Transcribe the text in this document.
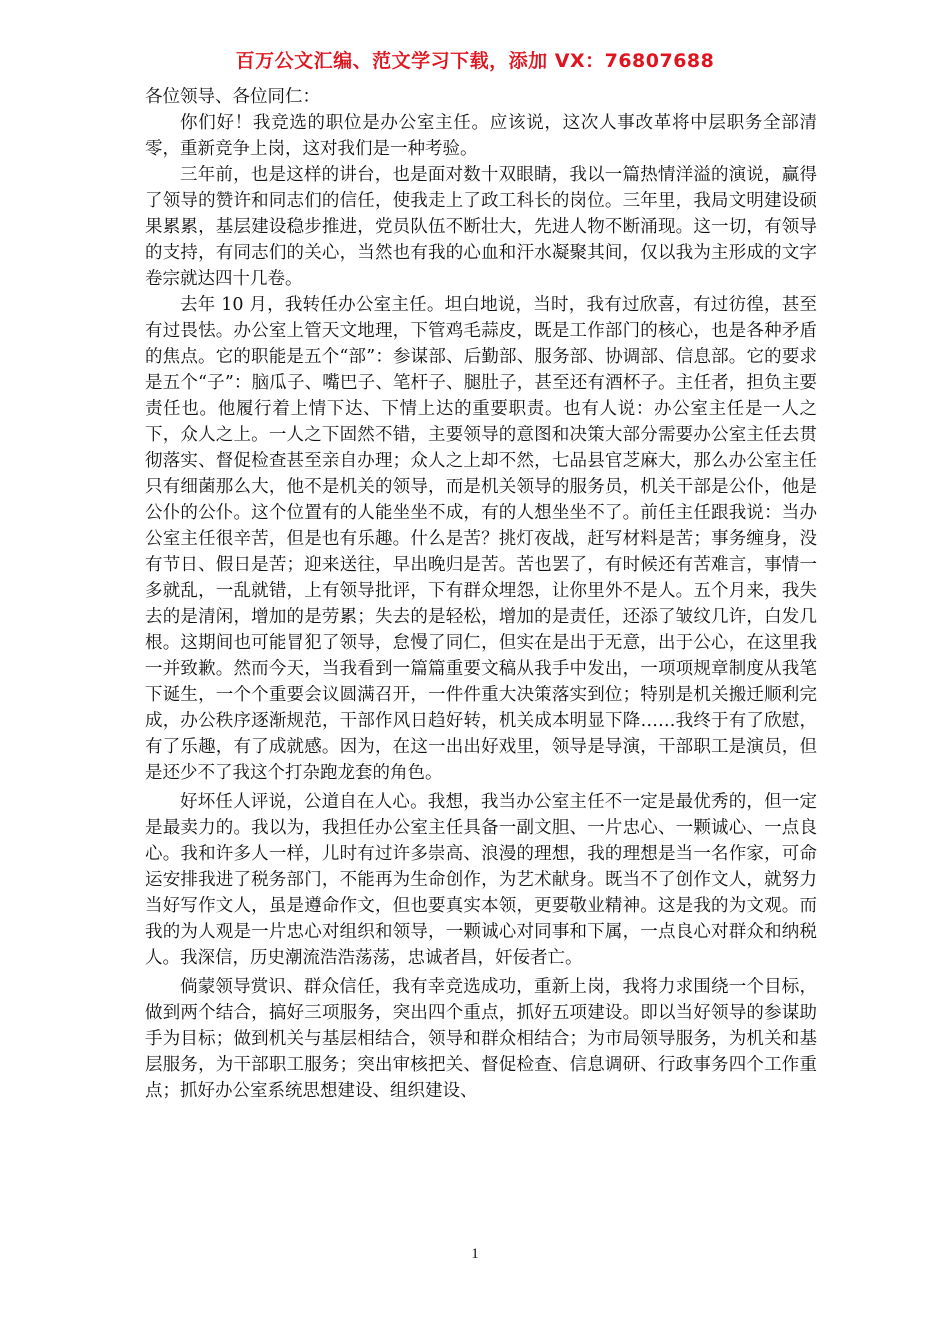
百万公文汇编、范文学习下载，添加 VX：76807688

各位领导、各位同仁：

你们好！我竞选的职位是办公室主任。应该说，这次人事改革将中层职务全部清零，重新竞争上岗，这对我们是一种考验。

三年前，也是这样的讲台，也是面对数十双眼睛，我以一篇热情洋溢的演说，赢得了领导的赞许和同志们的信任，使我走上了政工科长的岗位。三年里，我局文明建设硕果累累，基层建设稳步推进，党员队伍不断壮大，先进人物不断涌现。这一切，有领导的支持，有同志们的关心，当然也有我的心血和汗水凝聚其间，仅以我为主形成的文字卷宗就达四十几卷。

去年 10 月，我转任办公室主任。坦白地说，当时，我有过欣喜，有过彷徨，甚至有过畏怯。办公室上管天文地理，下管鸡毛蒜皮，既是工作部门的核心，也是各种矛盾的焦点。它的职能是五个“部”：参谋部、后勤部、服务部、协调部、信息部。它的要求是五个“子”：脑瓜子、嘴巴子、笔杆子、腿肚子，甚至还有酒杯子。主任者，担负主要责任也。他履行着上情下达、下情上达的重要职责。也有人说：办公室主任是一人之下，众人之上。一人之下固然不错，主要领导的意图和决策大部分需要办公室主任去贯彻落实、督促检查甚至亲自办理；众人之上却不然，七品县官芝麻大，那么办公室主任只有细菌那么大，他不是机关的领导，而是机关领导的服务员，机关干部是公仆，他是公仆的公仆。这个位置有的人能坐坐不成，有的人想坐坐不了。前任主任跟我说：当办公室主任很辛苦，但是也有乐趣。什么是苦？挑灯夜战，赶写材料是苦；事务缠身，没有节日、假日是苦；迎来送往，早出晚归是苦。苦也罢了，有时候还有苦难言，事情一多就乱，一乱就错，上有领导批评，下有群众埋怨，让你里外不是人。五个月来，我失去的是清闲，增加的是劳累；失去的是轻松，增加的是责任，还添了皱纹几许，白发几根。这期间也可能冒犯了领导，怠慢了同仁，但实在是出于无意，出于公心，在这里我一并致歉。然而今天，当我看到一篇篇重要文稿从我手中发出，一项项规章制度从我笔下诞生，一个个重要会议圆满召开，一件件重大决策落实到位；特别是机关搬迁顺利完成，办公秩序逐渐规范，干部作风日趋好转，机关成本明显下降……我终于有了欣慰，有了乐趣，有了成就感。因为，在这一出出好戏里，领导是导演，干部职工是演员，但是还少不了我这个打杂跑龙套的角色。

好坏任人评说，公道自在人心。我想，我当办公室主任不一定是最优秀的，但一定是最卖力的。我以为，我担任办公室主任具备一副文胆、一片忠心、一颗诚心、一点良心。我和许多人一样，儿时有过许多崇高、浪漫的理想，我的理想是当一名作家，可命运安排我进了税务部门，不能再为生命创作，为艺术献身。既当不了创作文人，就努力当好写作文人，虽是遵命作文，但也要真实本领，更要敬业精神。这是我的为文观。而我的为人观是一片忠心对组织和领导，一颗诚心对同事和下属，一点良心对群众和纳税人。我深信，历史潮流浩浩荡荡，忠诚者昌，奸佞者亡。

倘蒙领导赏识、群众信任，我有幸竞选成功，重新上岗，我将力求围绕一个目标，做到两个结合，搞好三项服务，突出四个重点，抓好五项建设。即以当好领导的参谋助手为目标；做到机关与基层相结合，领导和群众相结合；为市局领导服务，为机关和基层服务，为干部职工服务；突出审核把关、督促检查、信息调研、行政事务四个工作重点；抓好办公室系统思想建设、组织建设、

1
